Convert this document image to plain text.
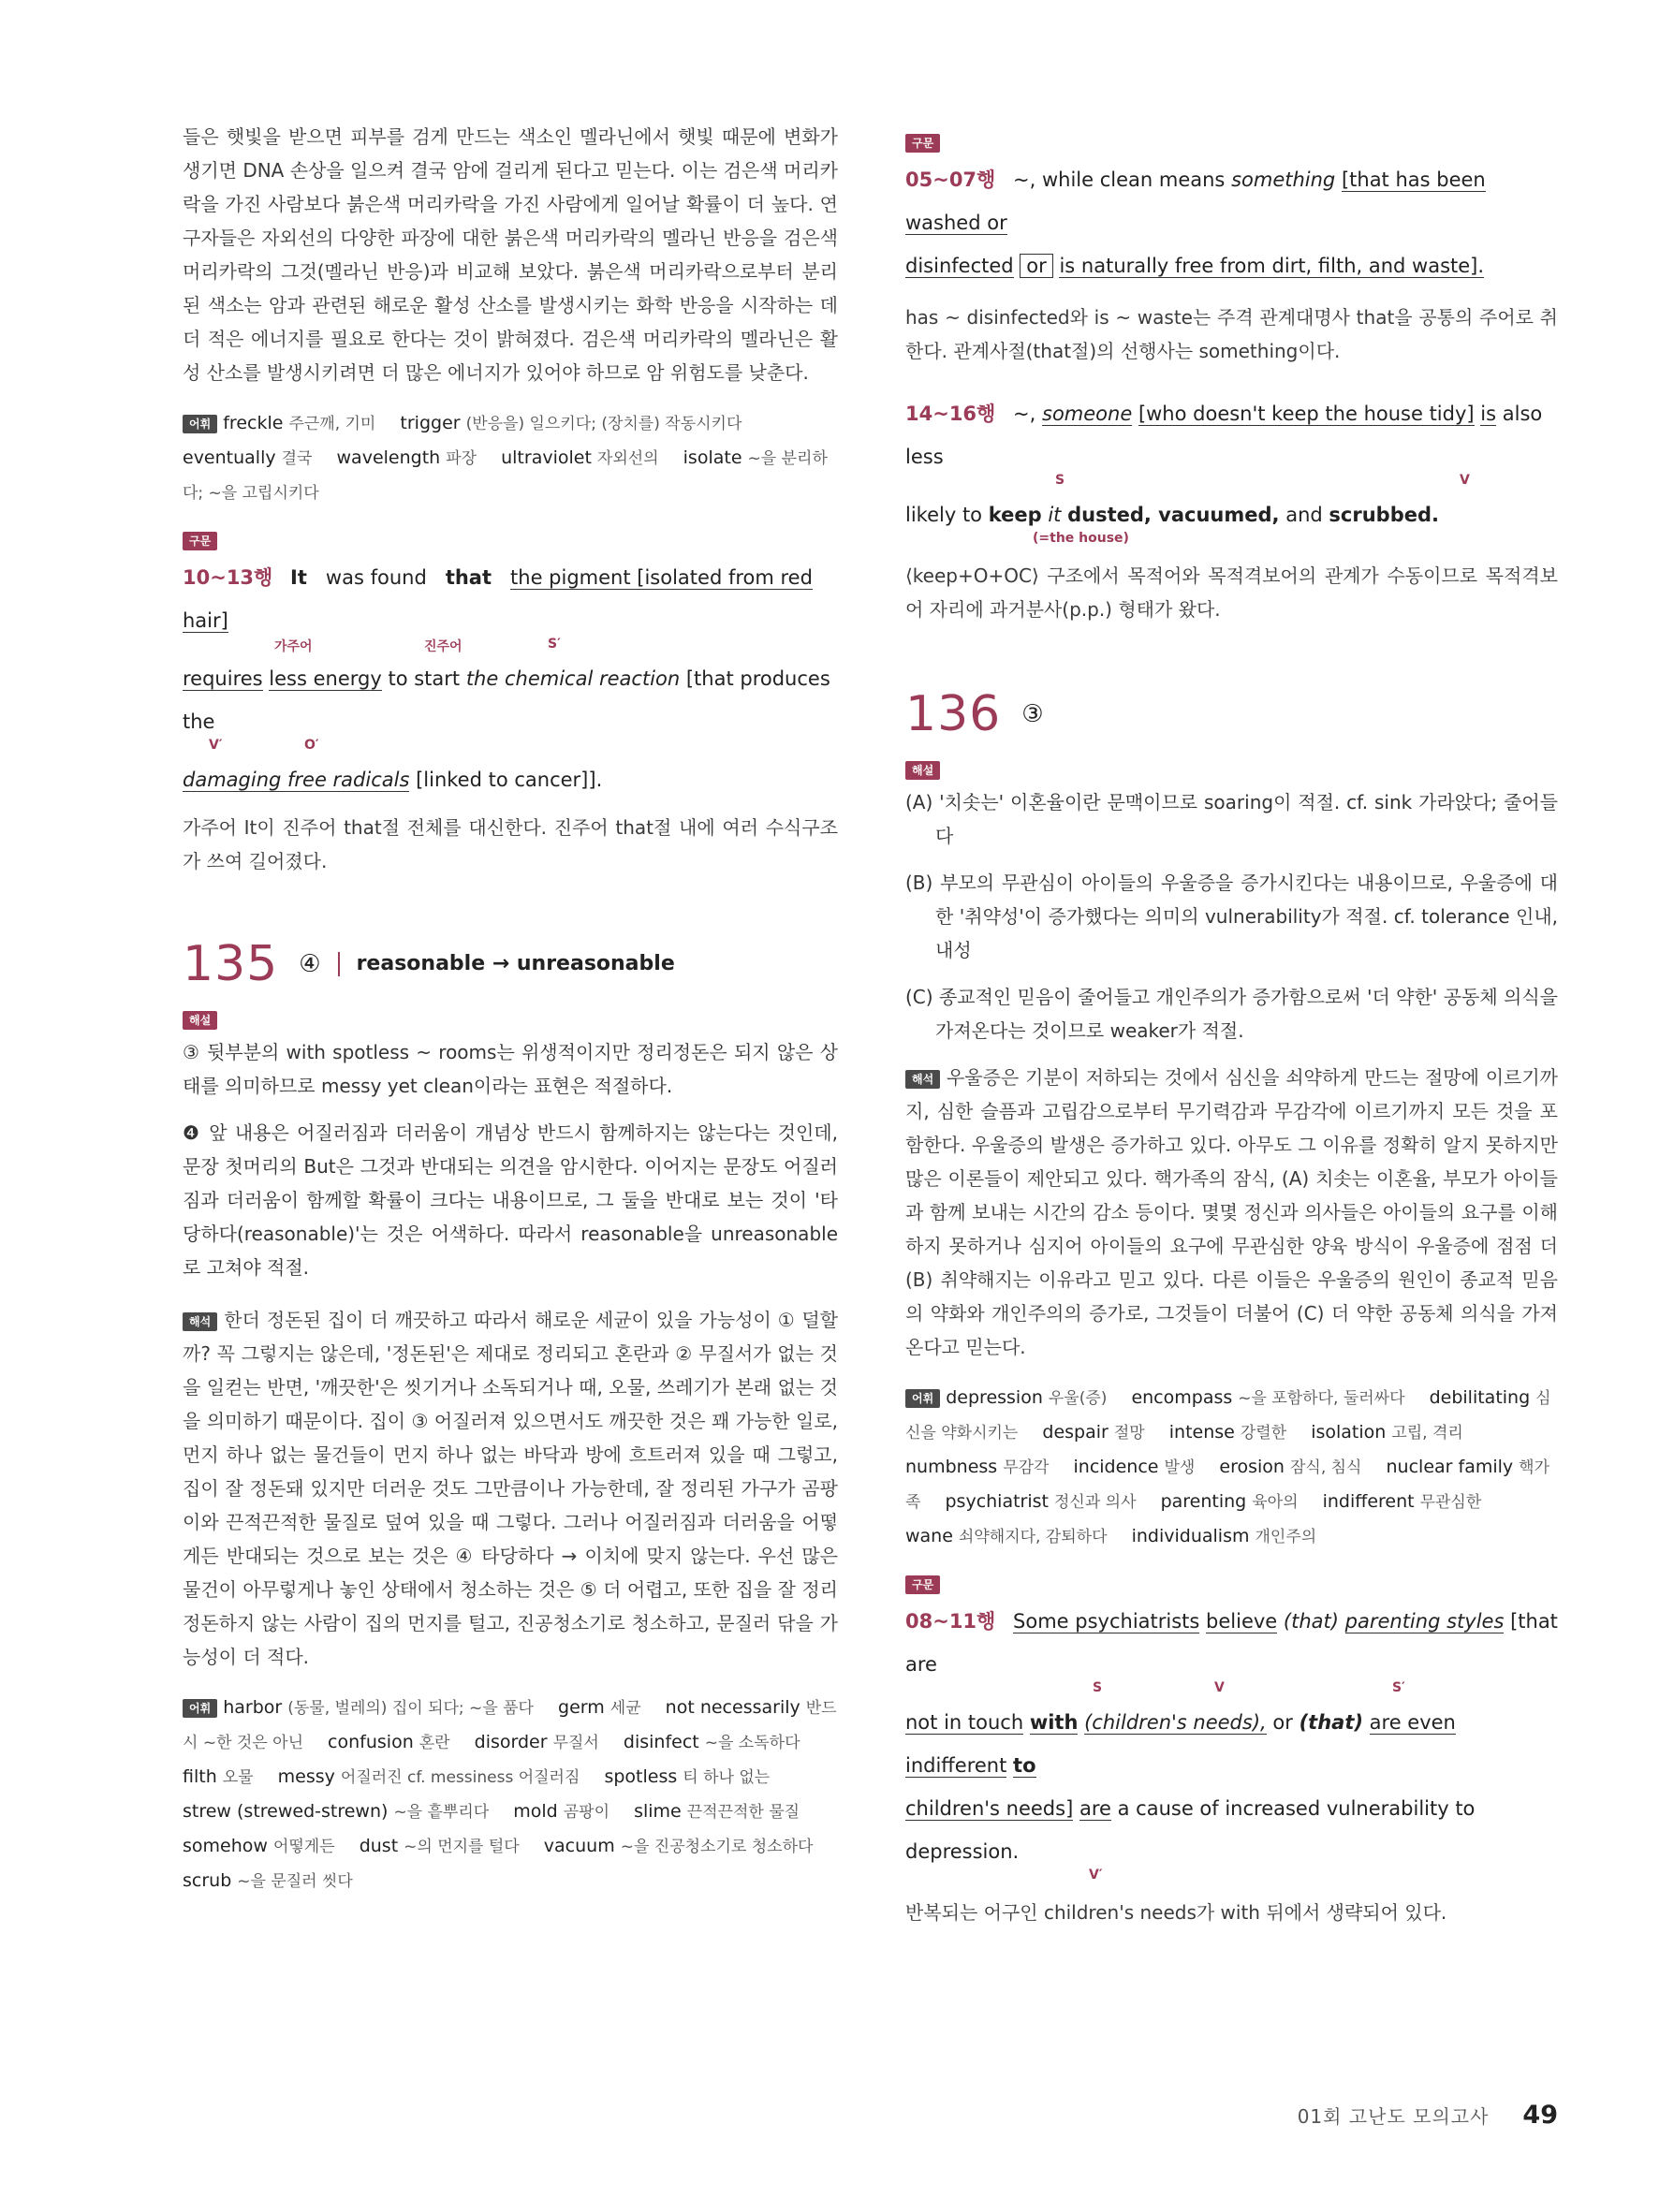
들은 햇빛을 받으면 피부를 검게 만드는 색소인 멜라닌에서 햇빛 때문에 변화가 생기면 DNA 손상을 일으켜 결국 암에 걸리게 된다고 믿는다. 이는 검은색 머리카락을 가진 사람보다 붉은색 머리카락을 가진 사람에게 일어날 확률이 더 높다. 연구자들은 자외선의 다양한 파장에 대한 붉은색 머리카락의 멜라닌 반응을 검은색 머리카락의 그것(멜라닌 반응)과 비교해 보았다. 붉은색 머리카락으로부터 분리된 색소는 암과 관련된 해로운 활성 산소를 발생시키는 화학 반응을 시작하는 데 더 적은 에너지를 필요로 한다는 것이 밝혀졌다. 검은색 머리카락의 멜라닌은 활성 산소를 발생시키려면 더 많은 에너지가 있어야 하므로 암 위험도를 낮춘다.

어휘 freckle 주근깨, 기미 trigger (반응을) 일으키다; (장치를) 작동시키다 eventually 결국 wavelength 파장 ultraviolet 자외선의 isolate ~을 분리하다; ~을 고립시키다
구문
10~13행 It was found that the pigment [isolated from red hair]
가주어	진주어	S′
requires less energy to start the chemical reaction [that produces the
V′	O′
damaging free radicals [linked to cancer]].

가주어 It이 진주어 that절 전체를 대신한다. 진주어 that절 내에 여러 수식구조가 쓰여 길어졌다.

135 ④ reasonable → unreasonable
해설

③ 뒷부분의 with spotless ~ rooms는 위생적이지만 정리정돈은 되지 않은 상태를 의미하므로 messy yet clean이라는 표현은 적절하다.

❹ 앞 내용은 어질러짐과 더러움이 개념상 반드시 함께하지는 않는다는 것인데, 문장 첫머리의 But은 그것과 반대되는 의견을 암시한다. 이어지는 문장도 어질러짐과 더러움이 함께할 확률이 크다는 내용이므로, 그 둘을 반대로 보는 것이 '타당하다(reasonable)'는 것은 어색하다. 따라서 reasonable을 unreasonable로 고쳐야 적절.

해석 한더 정돈된 집이 더 깨끗하고 따라서 해로운 세균이 있을 가능성이 ① 덜할까? 꼭 그렇지는 않은데, '정돈된'은 제대로 정리되고 혼란과 ② 무질서가 없는 것을 일컫는 반면, '깨끗한'은 씻기거나 소독되거나 때, 오물, 쓰레기가 본래 없는 것을 의미하기 때문이다. 집이 ③ 어질러져 있으면서도 깨끗한 것은 꽤 가능한 일로, 먼지 하나 없는 물건들이 먼지 하나 없는 바닥과 방에 흐트러져 있을 때 그렇고, 집이 잘 정돈돼 있지만 더러운 것도 그만큼이나 가능한데, 잘 정리된 가구가 곰팡이와 끈적끈적한 물질로 덮여 있을 때 그렇다. 그러나 어질러짐과 더러움을 어떻게든 반대되는 것으로 보는 것은 ④ 타당하다 → 이치에 맞지 않는다. 우선 많은 물건이 아무렇게나 놓인 상태에서 청소하는 것은 ⑤ 더 어렵고, 또한 집을 잘 정리 정돈하지 않는 사람이 집의 먼지를 털고, 진공청소기로 청소하고, 문질러 닦을 가능성이 더 적다.

어휘 harbor (동물, 벌레의) 집이 되다; ~을 품다 germ 세균 not necessarily 반드시 ~한 것은 아닌 confusion 혼란 disorder 무질서 disinfect ~을 소독하다 filth 오물 messy 어질러진 cf. messiness 어질러짐 spotless 티 하나 없는 strew (strewed-strewn) ~을 흩뿌리다 mold 곰팡이 slime 끈적끈적한 물질 somehow 어떻게든 dust ~의 먼지를 털다 vacuum ~을 진공청소기로 청소하다 scrub ~을 문질러 씻다
구문
05~07행 ~, while clean means something [that has been washed or
disinfected or is naturally free from dirt, filth, and waste].

has ~ disinfected와 is ~ waste는 주격 관계대명사 that을 공통의 주어로 취한다. 관계사절(that절)의 선행사는 something이다.

14~16행 ~, someone [who doesn't keep the house tidy] is also less
S	V
likely to keep it dusted, vacuumed, and scrubbed.
(=the house)

⟨keep+O+OC⟩ 구조에서 목적어와 목적격보어의 관계가 수동이므로 목적격보어 자리에 과거분사(p.p.) 형태가 왔다.

136 ③
해설

(A) '치솟는' 이혼율이란 문맥이므로 soaring이 적절. cf. sink 가라앉다; 줄어들다

(B) 부모의 무관심이 아이들의 우울증을 증가시킨다는 내용이므로, 우울증에 대한 '취약성'이 증가했다는 의미의 vulnerability가 적절. cf. tolerance 인내, 내성

(C) 종교적인 믿음이 줄어들고 개인주의가 증가함으로써 '더 약한' 공동체 의식을 가져온다는 것이므로 weaker가 적절.

해석 우울증은 기분이 저하되는 것에서 심신을 쇠약하게 만드는 절망에 이르기까지, 심한 슬픔과 고립감으로부터 무기력감과 무감각에 이르기까지 모든 것을 포함한다. 우울증의 발생은 증가하고 있다. 아무도 그 이유를 정확히 알지 못하지만 많은 이론들이 제안되고 있다. 핵가족의 잠식, (A) 치솟는 이혼율, 부모가 아이들과 함께 보내는 시간의 감소 등이다. 몇몇 정신과 의사들은 아이들의 요구를 이해하지 못하거나 심지어 아이들의 요구에 무관심한 양육 방식이 우울증에 점점 더 (B) 취약해지는 이유라고 믿고 있다. 다른 이들은 우울증의 원인이 종교적 믿음의 약화와 개인주의의 증가로, 그것들이 더불어 (C) 더 약한 공동체 의식을 가져온다고 믿는다.

어휘 depression 우울(증) encompass ~을 포함하다, 둘러싸다 debilitating 심신을 약화시키는 despair 절망 intense 강렬한 isolation 고립, 격리 numbness 무감각 incidence 발생 erosion 잠식, 침식 nuclear family 핵가족 psychiatrist 정신과 의사 parenting 육아의 indifferent 무관심한 wane 쇠약해지다, 감퇴하다 individualism 개인주의
구문
08~11행 Some psychiatrists believe (that) parenting styles [that are
S	V	S′
not in touch with (children's needs), or (that) are even indifferent to
children's needs] are a cause of increased vulnerability to depression.
V′

반복되는 어구인 children's needs가 with 뒤에서 생략되어 있다.

01회 고난도 모의고사 49
